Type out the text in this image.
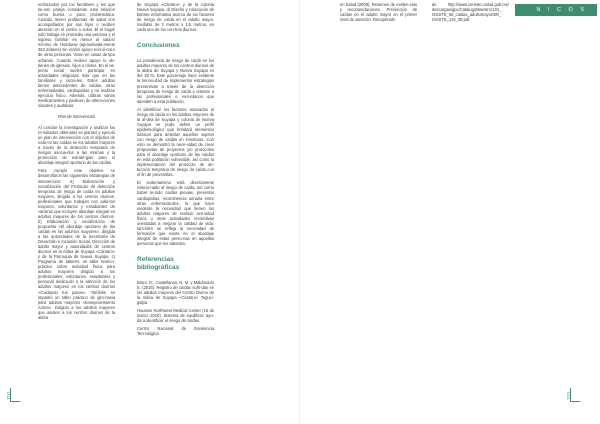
N I C O S

rechazados por los familiares y los que tie-nen pareja consideran esta relación como buena o poco problemática. Cuando tienen problemas de salud son acompañados por sus hijos o reciben atención en el centro o solos. El el hogar solo trabaja en promedio una persona y el ingreso familiar es menor al salario mínimo de Honduras (aproximada-mente 363 dólares) sin recibir apoyo econó-mico de otras personas. Viven en casas de tipo urbanas. Cuando reciben apoyo lo ob-tienen de iglesias, hijos o nietos. En el as-pecto social suelen participar en actividades religiosas más que en las familiares y socia-les. Estos adultos tienen antecedentes de caídas, otras enfermedades, cardiopatías y no realizan ejercicio físico. Además, utilizan varios medicamentos y padecen de altera-ciones visuales y auditivas.

Plan de Intervención

Al concluir la investigación y analizar los re-sultados obtenidos se planteó y ejecutó un plan de intervención con el objetivo de redu-cir las caídas en los adultos mayores a través de la detección temprana de riesgos asocia-dos a las mismas y la promoción de estrate-gias para el abordaje integral oportuno de las caídas.

Para cumplir este objetivo se desarrollaron las siguientes estrategias de intervención: a) Elaboración y socialización del Protocolo de detección temprana de riesgo de caída en adultos mayores, dirigido a los centros diurnos, profesionales que trabajan con adul-tos mayores, voluntarios y estudiantes de carreras que incluyen abordaje integral en adultos mayores de los centros diurnos. b) Elaboración y socialización de propuesta «El abordaje oportuno de las caídas en los adul-tos mayores», dirigida a las autoridades de la Secretaría de Desarrollo e Inclusión Social, Dirección de adulto mayor y autoridades de centros diurnos en la Aldea de Suyapa «Cántaro» y de la Parroquia de Nueva Suyapa. c) Programa de talleres: un taller teórico-práctico sobre actividad física para adultos mayores dirigido a los profesionales, voluntarios, estudiantes y personal dedica-do a la atención de los adultos mayores en los centros diurnos «Cuidando tus pasos». También se impartió un taller práctico de gim-nasia para adultos mayores «Envejeciemiento Activo». Dirigido a los adultos mayores que asisten a los centros diurnos de la aldea

de Suyapa «Cántaro» y de la colonia Nueva Suyapa. d) Diseño y colocación de banner informativo acerca de los factores de riesgo de caída en el adulto mayor, medidas de 2 metros x 1.5 metros, en cada uno de los cen-tros diurnos.

Conclusiones

La prevalencia de riesgo de caída en los adultos mayores de los centros diurnos de la aldea de Suyapa y Nueva Suyapa es del 29 %. Este porcentaje hace evidente la necesi-dad de implementar estrategias preventivas a través de la detección temprana de riesgo de caída y orientar a los profesionales o vo-luntarios que atienden a esta población.

Al identificar los factores asociados al riesgo de caída en los adultos mayores de la al-dea de Suyapa y colonia de Nueva Suyapa se pudo definir un perfil epidemiológico que brindará elementos básicos para detectar aquellos sujetos con riesgo de caídas en Honduras. Con esto se demostró la nece-sidad de crear propuestas de proyectos y/o protocolos para el abordaje oportuno de las caídas en esta población vulnerable, así como la implementación del protocolo de de-tección temprana de riesgo de caída con el fin de prevenirlas.

El sedentarismo está directamente relacio-nado al riesgo de caída, así como haber te-nido caídas previas, presentar cardiopatías, incontinencia urinaria entre otras enfermeda-des, lo que hace evidente la necesidad que tienen los adultos mayores de realizar acti-vidad física u otras actividades recreativas orientadas a mejorar la calidad de vida; tam-bién se refleja la necesidad de formación que existe en el abordaje integral de estas perso-nas en aquellas personas que les atienden.

Referencias bibliográficas

Bruni, G.; Castellanos, N. M. y Maldonado E. (2016). Registro de caídas sufri-das en los adultos mayores del Centro Diurno de la Aldea de Suyapa «Cántaro» Teguci-galpa.

Houston Northwest Medical Center (15 de marzo 2016). Sistema de equilibrio: ayu-da a identificar el riesgo de caídas.

Centro Nacional de Excelencia Tecnológica

en Salud (2008). Resumen de eviden-cias y recomendaciones. Prevención de caídas en el adulto mayor en el primer nivel de atención. Recuperado

de http://www.cenetec.salud.gob.mx/ descargas/gpc/CatalogoMaestro/134_ ISSSTE_08_caidas_adultomayor/ER_ ISSSTE_134_08.pdf

116	115
